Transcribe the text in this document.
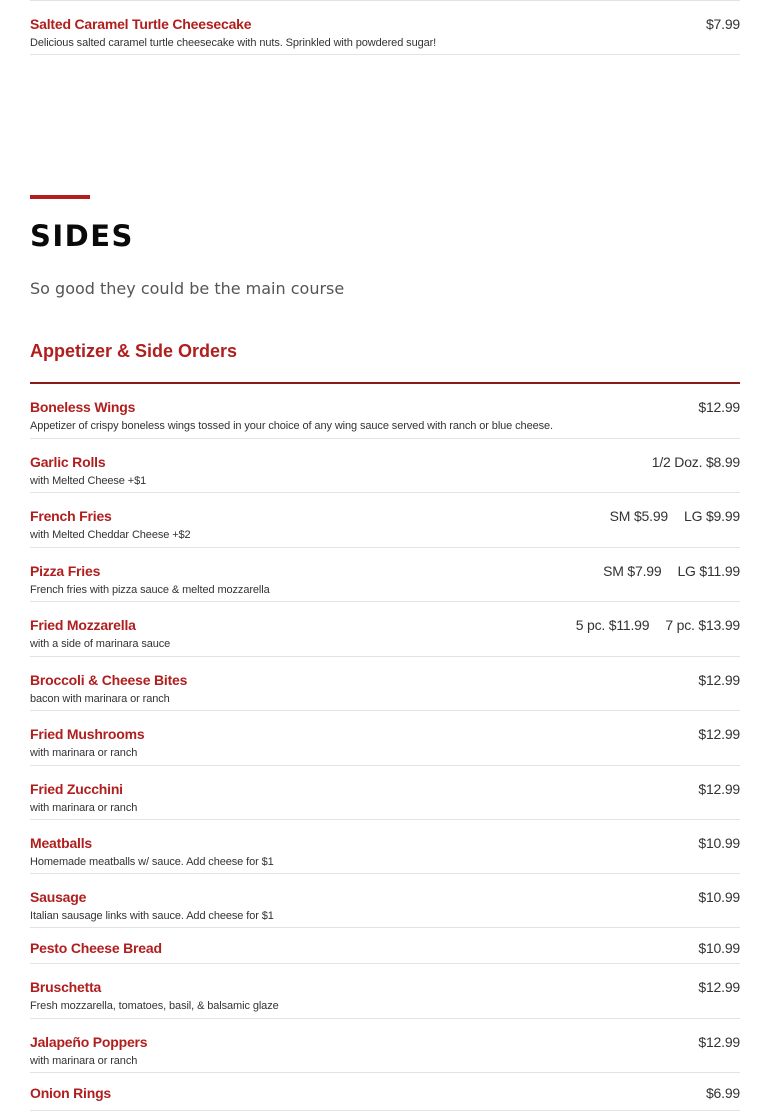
Salted Caramel Turtle Cheesecake
Delicious salted caramel turtle cheesecake with nuts. Sprinkled with powdered sugar!
$7.99
SIDES
So good they could be the main course
Appetizer & Side Orders
Boneless Wings
Appetizer of crispy boneless wings tossed in your choice of any wing sauce served with ranch or blue cheese.
$12.99
Garlic Rolls
with Melted Cheese +$1
1/2 Doz. $8.99
French Fries
with Melted Cheddar Cheese +$2
SM $5.99 LG $9.99
Pizza Fries
French fries with pizza sauce & melted mozzarella
SM $7.99 LG $11.99
Fried Mozzarella
with a side of marinara sauce
5 pc. $11.99 7 pc. $13.99
Broccoli & Cheese Bites
bacon with marinara or ranch
$12.99
Fried Mushrooms
with marinara or ranch
$12.99
Fried Zucchini
with marinara or ranch
$12.99
Meatballs
Homemade meatballs w/ sauce. Add cheese for $1
$10.99
Sausage
Italian sausage links with sauce. Add cheese for $1
$10.99
Pesto Cheese Bread	$10.99
Bruschetta
Fresh mozzarella, tomatoes, basil, & balsamic glaze
$12.99
Jalapeño Poppers
with marinara or ranch
$12.99
Onion Rings	$6.99
